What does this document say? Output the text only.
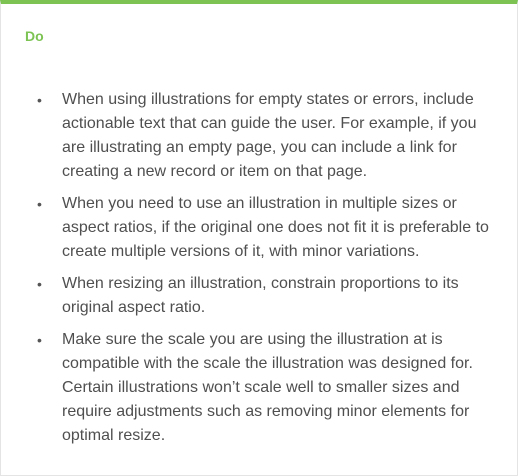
Do
• When using illustrations for empty states or errors, include actionable text that can guide the user. For example, if you are illustrating an empty page, you can include a link for creating a new record or item on that page.
• When you need to use an illustration in multiple sizes or aspect ratios, if the original one does not fit it is preferable to create multiple versions of it, with minor variations.
• When resizing an illustration, constrain proportions to its original aspect ratio.
• Make sure the scale you are using the illustration at is compatible with the scale the illustration was designed for. Certain illustrations won’t scale well to smaller sizes and require adjustments such as removing minor elements for optimal resize.
